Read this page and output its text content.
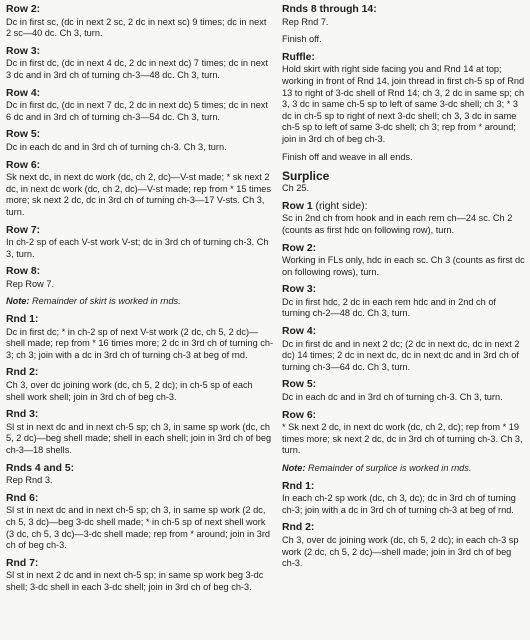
Row 2:
Dc in first sc, (dc in next 2 sc, 2 dc in next sc) 9 times; dc in next 2 sc—40 dc. Ch 3, turn.
Row 3:
Dc in first dc, (dc in next 4 dc, 2 dc in next dc) 7 times; dc in next 3 dc and in 3rd ch of turning ch-3—48 dc. Ch 3, turn.
Row 4:
Dc in first dc, (dc in next 7 dc, 2 dc in next dc) 5 times; dc in next 6 dc and in 3rd ch of turning ch-3—54 dc. Ch 3, turn.
Row 5:
Dc in each dc and in 3rd ch of turning ch-3. Ch 3, turn.
Row 6:
Sk next dc, in next dc work (dc, ch 2, dc)—V-st made; * sk next 2 dc, in next dc work (dc, ch 2, dc)—V-st made; rep from * 15 times more; sk next 2 dc, dc in 3rd ch of turning ch-3—17 V-sts. Ch 3, turn.
Row 7:
In ch-2 sp of each V-st work V-st; dc in 3rd ch of turning ch-3. Ch 3, turn.
Row 8:
Rep Row 7.
Note: Remainder of skirt is worked in rnds.
Rnd 1:
Dc in first dc; * in ch-2 sp of next V-st work (2 dc, ch 5, 2 dc)—shell made; rep from * 16 times more; 2 dc in 3rd ch of turning ch-3; ch 3; join with a dc in 3rd ch of turning ch-3 at beg of rnd.
Rnd 2:
Ch 3, over dc joining work (dc, ch 5, 2 dc); in ch-5 sp of each shell work shell; join in 3rd ch of beg ch-3.
Rnd 3:
Sl st in next dc and in next ch-5 sp; ch 3, in same sp work (dc, ch 5, 2 dc)—beg shell made; shell in each shell; join in 3rd ch of beg ch-3—18 shells.
Rnds 4 and 5:
Rep Rnd 3.
Rnd 6:
Sl st in next dc and in next ch-5 sp; ch 3, in same sp work (2 dc, ch 5, 3 dc)—beg 3-dc shell made; * in ch-5 sp of next shell work (3 dc, ch 5, 3 dc)—3-dc shell made; rep from * around; join in 3rd ch of beg ch-3.
Rnd 7:
Sl st in next 2 dc and in next ch-5 sp; in same sp work beg 3-dc shell; 3-dc shell in each 3-dc shell; join in 3rd ch of beg ch-3.
Rnds 8 through 14:
Rep Rnd 7.
Finish off.
Ruffle:
Hold skirt with right side facing you and Rnd 14 at top; working in front of Rnd 14, join thread in first ch-5 sp of Rnd 13 to right of 3-dc shell of Rnd 14; ch 3, 2 dc in same sp; ch 3, 3 dc in same ch-5 sp to left of same 3-dc shell; ch 3; * 3 dc in ch-5 sp to right of next 3-dc shell; ch 3, 3 dc in same ch-5 sp to left of same 3-dc shell; ch 3; rep from * around; join in 3rd ch of beg ch-3.
Finish off and weave in all ends.
Surplice
Ch 25.
Row 1 (right side):
Sc in 2nd ch from hook and in each rem ch—24 sc. Ch 2 (counts as first hdc on following row), turn.
Row 2:
Working in FLs only, hdc in each sc. Ch 3 (counts as first dc on following rows), turn.
Row 3:
Dc in first hdc, 2 dc in each rem hdc and in 2nd ch of turning ch-2—48 dc. Ch 3, turn.
Row 4:
Dc in first dc and in next 2 dc; (2 dc in next dc, dc in next 2 dc) 14 times; 2 dc in next dc, dc in next dc and in 3rd ch of turning ch-3—64 dc. Ch 3, turn.
Row 5:
Dc in each dc and in 3rd ch of turning ch-3. Ch 3, turn.
Row 6:
* Sk next 2 dc, in next dc work (dc, ch 2, dc); rep from * 19 times more; sk next 2 dc, dc in 3rd ch of turning ch-3. Ch 3, turn.
Note: Remainder of surplice is worked in rnds.
Rnd 1:
In each ch-2 sp work (dc, ch 3, dc); dc in 3rd ch of turning ch-3; join with a dc in 3rd ch of turning ch-3 at beg of rnd.
Rnd 2:
Ch 3, over dc joining work (dc, ch 5, 2 dc); in each ch-3 sp work (2 dc, ch 5, 2 dc)—shell made; join in 3rd ch of beg ch-3.
